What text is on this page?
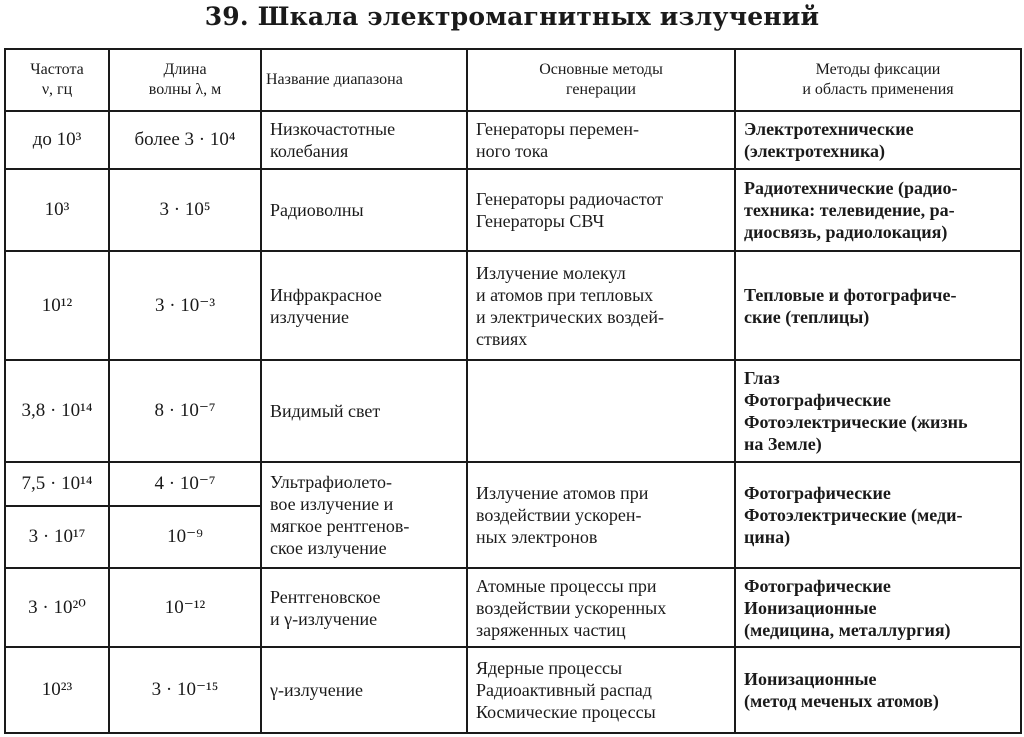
39. Шкала электромагнитных излучений
Частота
ν, гц	Длина
волны λ, м	Название диапазона	Основные методы
генерации	Методы фиксации
и область применения
до 10³	более 3 · 10⁴	Низкочастотные
колебания	Генераторы перемен-
ного тока	Электротехнические
(электротехника)
10³	3 · 10⁵	Радиоволны	Генераторы радиочастот
Генераторы СВЧ	Радиотехнические (радио-
техника: телевидение, ра-
диосвязь, радиолокация)
10¹²	3 · 10⁻³	Инфракрасное
излучение	Излучение молекул
и атомов при тепловых
и электрических воздей-
ствиях	Тепловые и фотографиче-
ские (теплицы)
3,8 · 10¹⁴	8 · 10⁻⁷	Видимый свет		Глаз
Фотографические
Фотоэлектрические (жизнь
на Земле)
7,5 · 10¹⁴	4 · 10⁻⁷	Ультрафиолето-
вое излучение и
мягкое рентгенов-
ское излучение	Излучение атомов при
воздействии ускорен-
ных электронов	Фотографические
Фотоэлектрические (меди-
цина)
3 · 10¹⁷	10⁻⁹			
3 · 10²⁰	10⁻¹²	Рентгеновское
и γ-излучение	Атомные процессы при
воздействии ускоренных
заряженных частиц	Фотографические
Ионизационные
(медицина, металлургия)
10²³	3 · 10⁻¹⁵	γ-излучение	Ядерные процессы
Радиоактивный распад
Космические процессы	Ионизационные
(метод меченых атомов)
